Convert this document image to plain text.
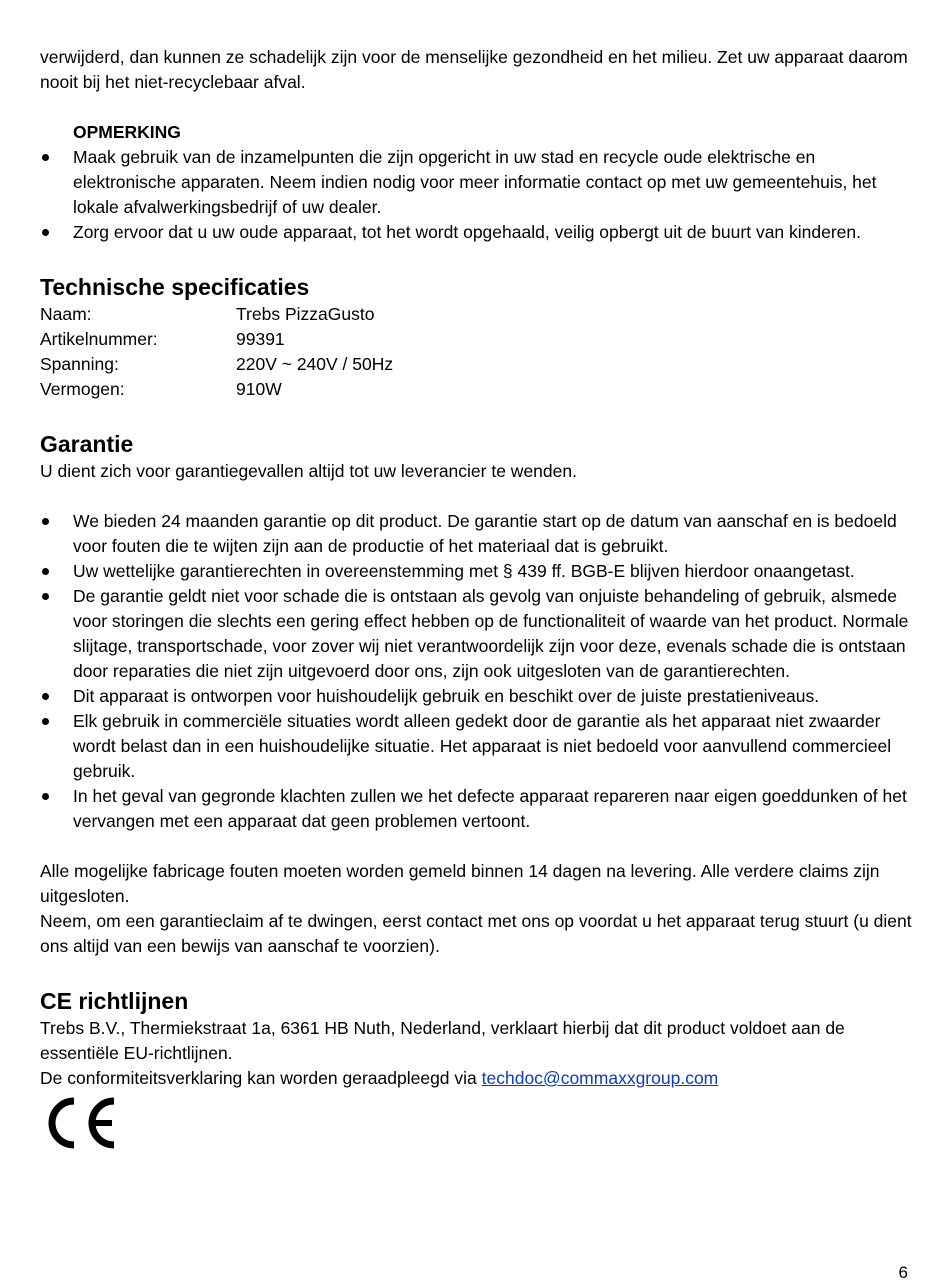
verwijderd, dan kunnen ze schadelijk zijn voor de menselijke gezondheid en het milieu. Zet uw apparaat daarom nooit bij het niet-recyclebaar afval.

OPMERKING
Maak gebruik van de inzamelpunten die zijn opgericht in uw stad en recycle oude elektrische en elektronische apparaten. Neem indien nodig voor meer informatie contact op met uw gemeentehuis, het lokale afvalwerkingsbedrijf of uw dealer.
Zorg ervoor dat u uw oude apparaat, tot het wordt opgehaald, veilig opbergt uit de buurt van kinderen.
Technische specificaties
Naam:	Trebs PizzaGusto
Artikelnummer:	99391
Spanning:	220V ~ 240V / 50Hz
Vermogen:	910W
Garantie

U dient zich voor garantiegevallen altijd tot uw leverancier te wenden.

We bieden 24 maanden garantie op dit product. De garantie start op de datum van aanschaf en is bedoeld voor fouten die te wijten zijn aan de productie of het materiaal dat is gebruikt.
Uw wettelijke garantierechten in overeenstemming met § 439 ff. BGB-E blijven hierdoor onaangetast.
De garantie geldt niet voor schade die is ontstaan als gevolg van onjuiste behandeling of gebruik, alsmede voor storingen die slechts een gering effect hebben op de functionaliteit of waarde van het product. Normale slijtage, transportschade, voor zover wij niet verantwoordelijk zijn voor deze, evenals schade die is ontstaan door reparaties die niet zijn uitgevoerd door ons, zijn ook uitgesloten van de garantierechten.
Dit apparaat is ontworpen voor huishoudelijk gebruik en beschikt over de juiste prestatieniveaus.
Elk gebruik in commerciële situaties wordt alleen gedekt door de garantie als het apparaat niet zwaarder wordt belast dan in een huishoudelijke situatie. Het apparaat is niet bedoeld voor aanvullend commercieel gebruik.
In het geval van gegronde klachten zullen we het defecte apparaat repareren naar eigen goeddunken of het vervangen met een apparaat dat geen problemen vertoont.

Alle mogelijke fabricage fouten moeten worden gemeld binnen 14 dagen na levering. Alle verdere claims zijn uitgesloten.

Neem, om een garantieclaim af te dwingen, eerst contact met ons op voordat u het apparaat terug stuurt (u dient ons altijd van een bewijs van aanschaf te voorzien).

CE richtlijnen

Trebs B.V., Thermiekstraat 1a, 6361 HB Nuth, Nederland, verklaart hierbij dat dit product voldoet aan de essentiële EU-richtlijnen.

De conformiteitsverklaring kan worden geraadpleegd via techdoc@commaxxgroup.com

6
